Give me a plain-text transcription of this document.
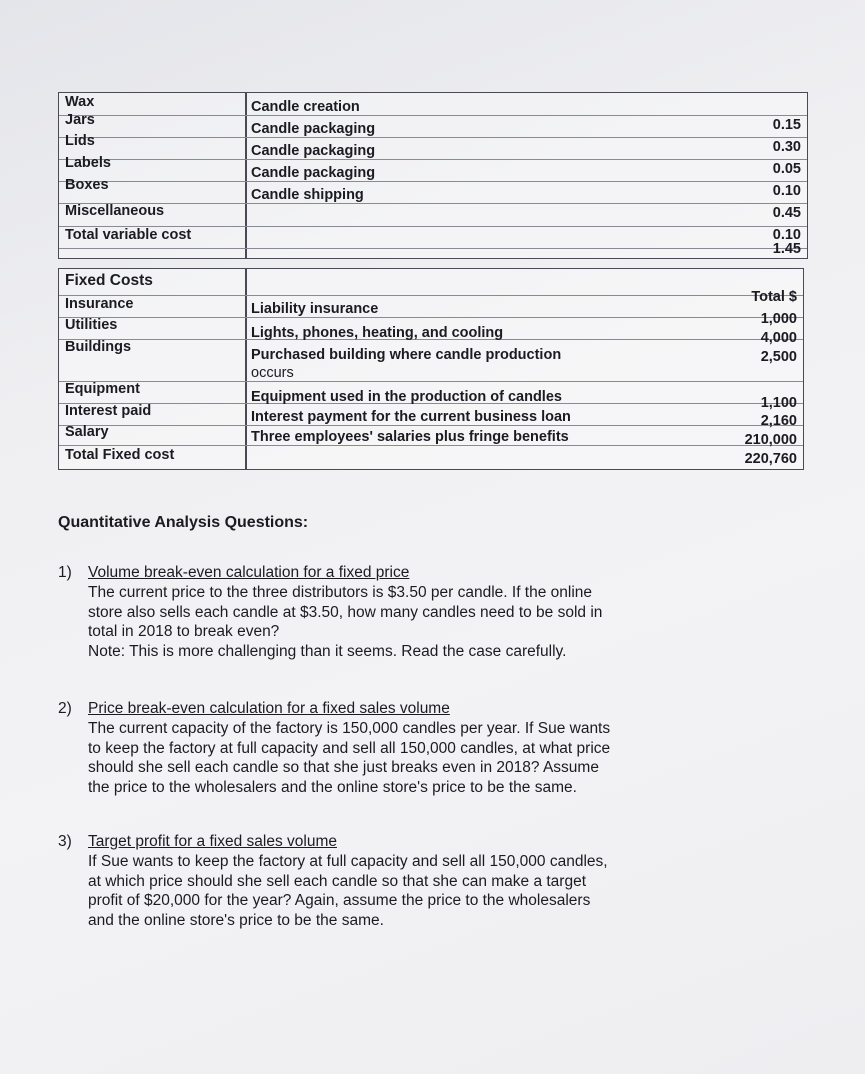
Wax
Jars
Lids
Labels
Boxes
Miscellaneous
Total variable cost
Candle creation
Candle packaging
Candle packaging
Candle packaging
Candle shipping
0.15
0.30
0.05
0.10
0.45
0.10
1.45
Fixed Costs
Total $
Insurance
Utilities
Buildings
Equipment
Interest paid
Salary
Total Fixed cost
Liability insurance
Lights, phones, heating, and cooling
Purchased building where candle production
occurs
Equipment used in the production of candles
Interest payment for the current business loan
Three employees' salaries plus fringe benefits
1,000
4,000
2,500
1,100
2,160
210,000
220,760
Quantitative Analysis Questions:
1) Volume break-even calculation for a fixed price
The current price to the three distributors is $3.50 per candle. If the online
store also sells each candle at $3.50, how many candles need to be sold in
total in 2018 to break even?
Note: This is more challenging than it seems. Read the case carefully.
2) Price break-even calculation for a fixed sales volume
The current capacity of the factory is 150,000 candles per year. If Sue wants
to keep the factory at full capacity and sell all 150,000 candles, at what price
should she sell each candle so that she just breaks even in 2018? Assume
the price to the wholesalers and the online store's price to be the same.
3) Target profit for a fixed sales volume
If Sue wants to keep the factory at full capacity and sell all 150,000 candles,
at which price should she sell each candle so that she can make a target
profit of $20,000 for the year? Again, assume the price to the wholesalers
and the online store's price to be the same.
